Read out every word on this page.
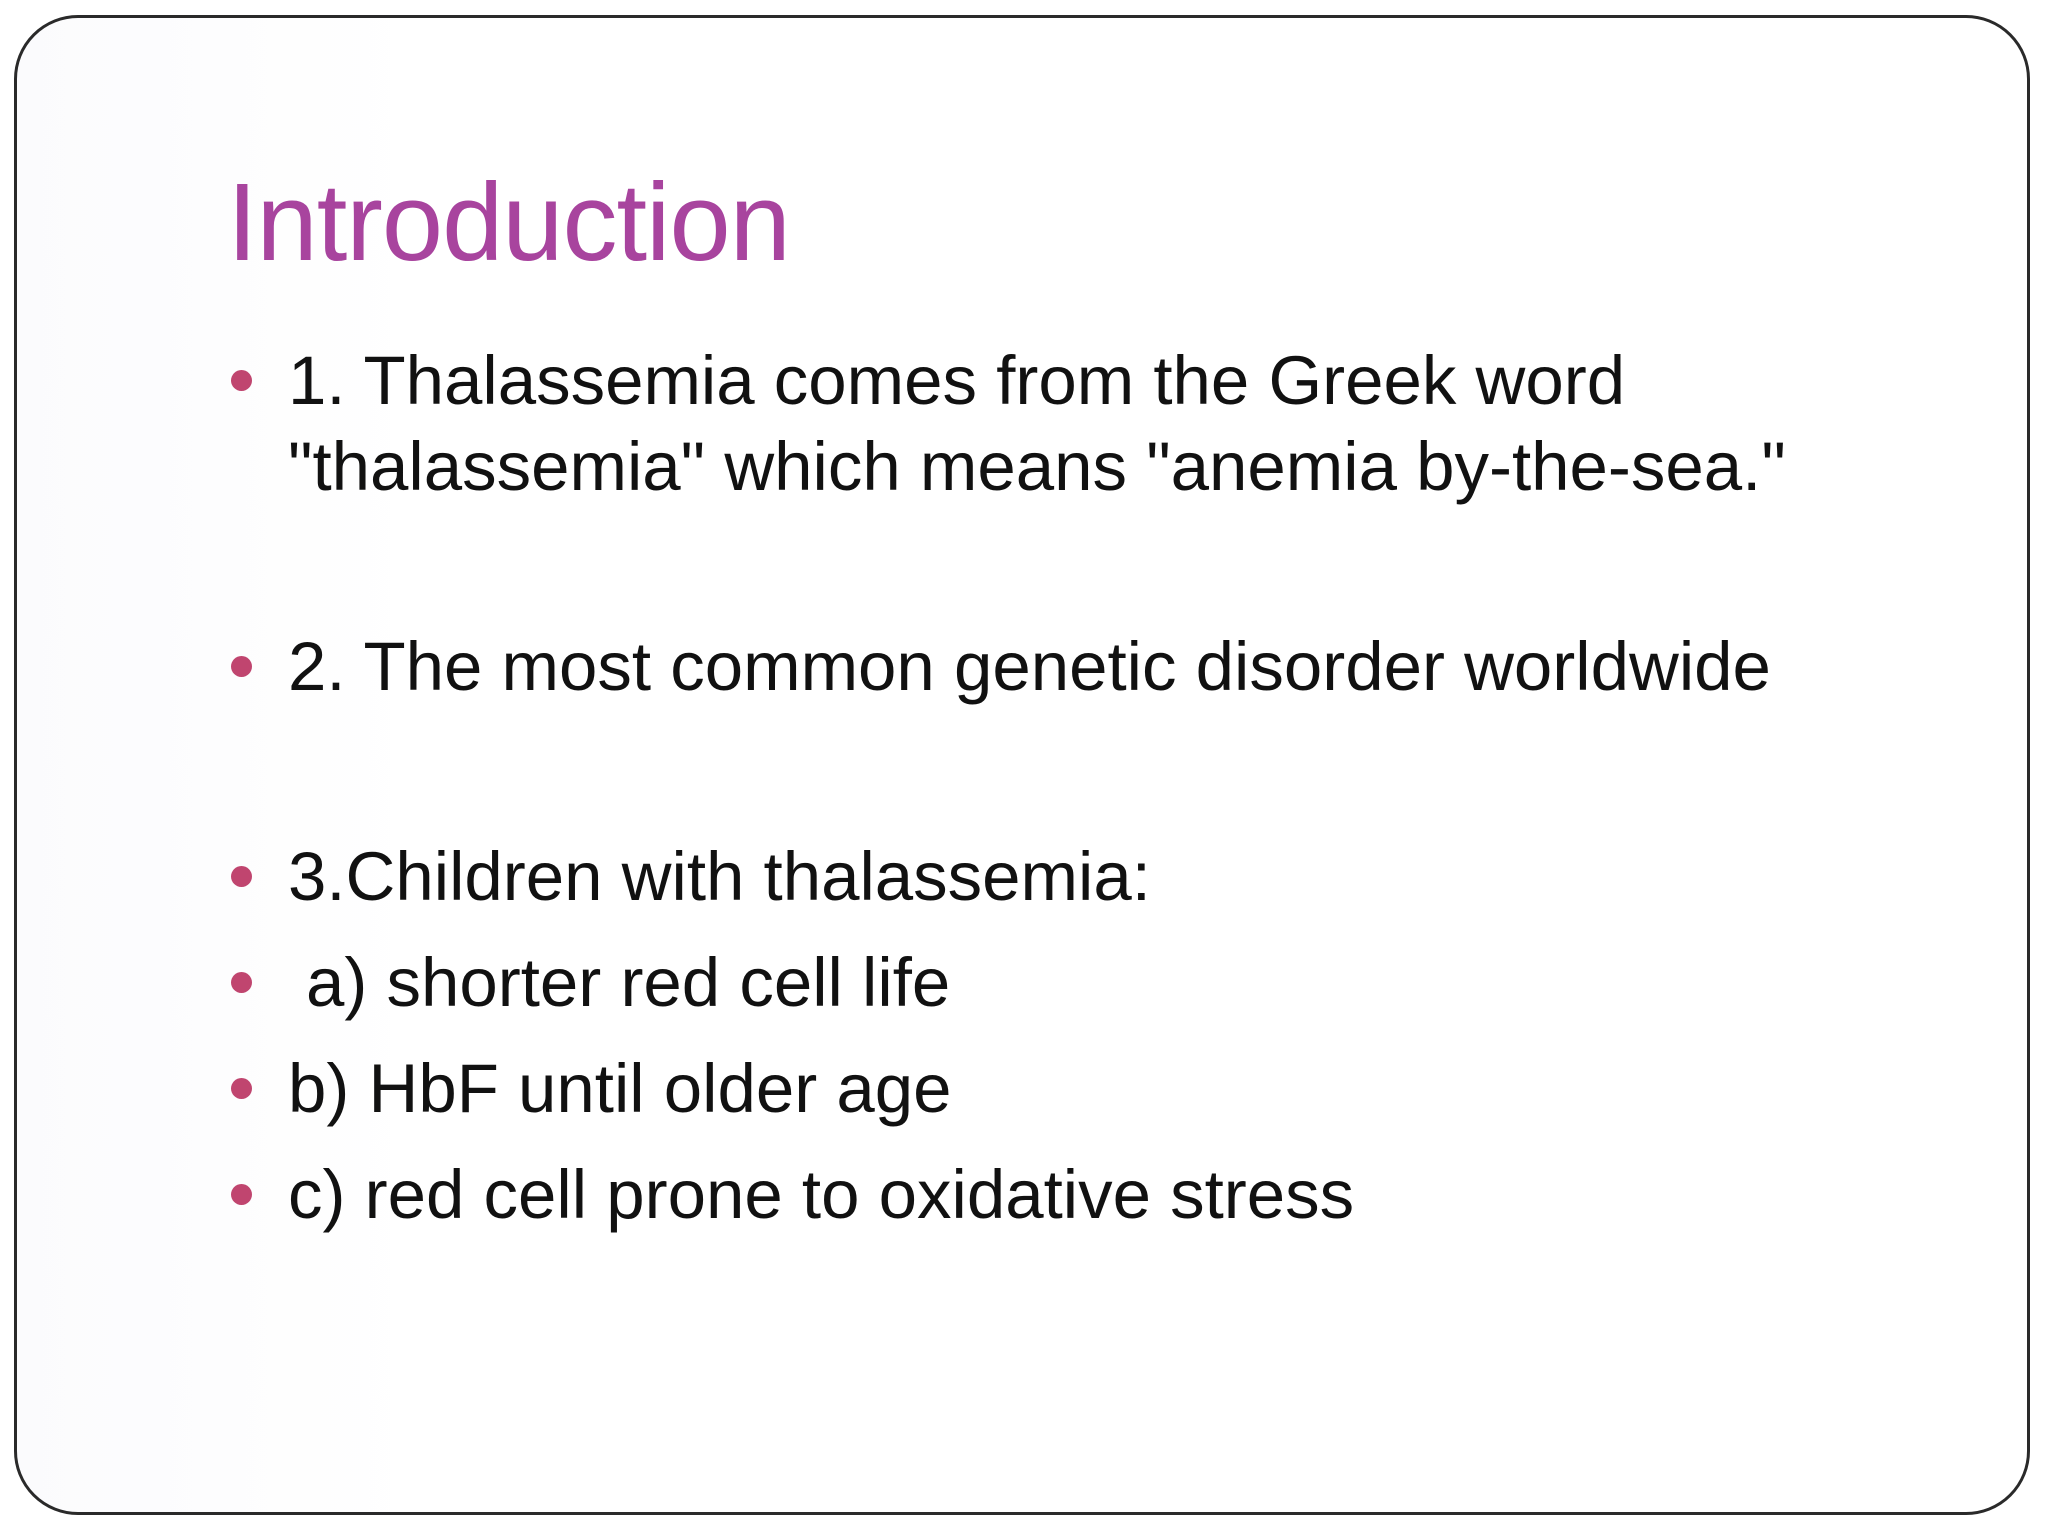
Introduction
1. Thalassemia comes from the Greek word
"thalassemia" which means "anemia by-the-sea."
2. The most common genetic disorder worldwide
3.Children with thalassemia:
a) shorter red cell life
b) HbF until older age
c) red cell prone to oxidative stress
